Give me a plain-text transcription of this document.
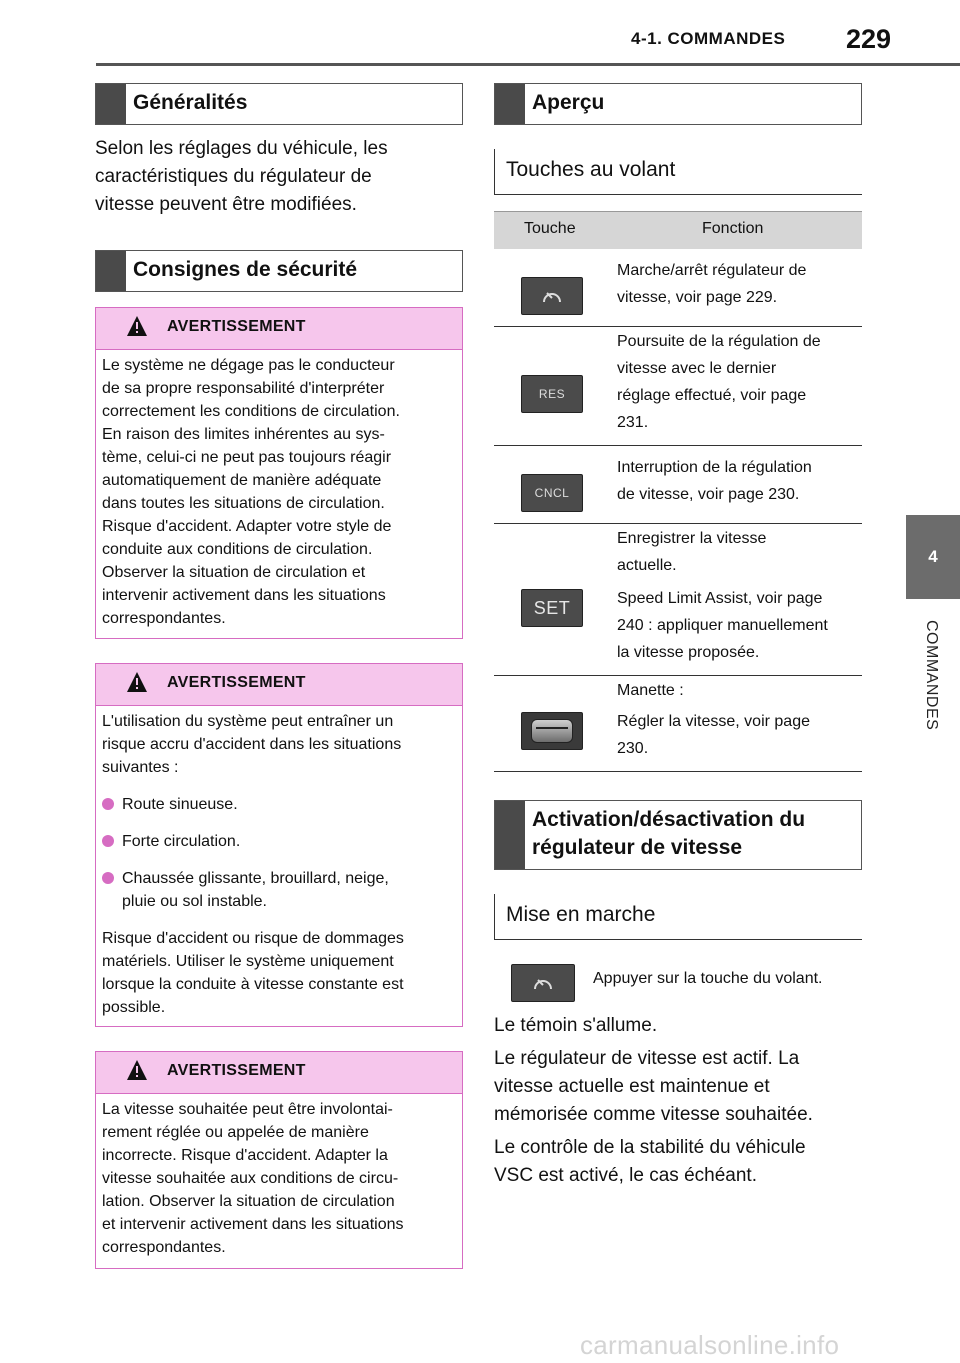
4-1. COMMANDES 229
4
COMMANDES
Généralités
Selon les réglages du véhicule, les
caractéristiques du régulateur de
vitesse peuvent être modifiées.
Consignes de sécurité
AVERTISSEMENT
Le système ne dégage pas le conducteur
de sa propre responsabilité d'interpréter
correctement les conditions de circulation.
En raison des limites inhérentes au sys-
tème, celui-ci ne peut pas toujours réagir
automatiquement de manière adéquate
dans toutes les situations de circulation.
Risque d'accident. Adapter votre style de
conduite aux conditions de circulation.
Observer la situation de circulation et
intervenir activement dans les situations
correspondantes.
AVERTISSEMENT
L'utilisation du système peut entraîner un
risque accru d'accident dans les situations
suivantes :
Route sinueuse.
Forte circulation.
Chaussée glissante, brouillard, neige,
pluie ou sol instable.
Risque d'accident ou risque de dommages
matériels. Utiliser le système uniquement
lorsque la conduite à vitesse constante est
possible.
AVERTISSEMENT
La vitesse souhaitée peut être involontai-
rement réglée ou appelée de manière
incorrecte. Risque d'accident. Adapter la
vitesse souhaitée aux conditions de circu-
lation. Observer la situation de circulation
et intervenir activement dans les situations
correspondantes.
Aperçu
Touches au volant
Touche	Fonction

Marche/arrêt régulateur de

vitesse, voir page 229.

RES

Poursuite de la régulation de

vitesse avec le dernier

réglage effectué, voir page

231.

CNCL

Interruption de la régulation

de vitesse, voir page 230.

SET

Enregistrer la vitesse

actuelle.

Speed Limit Assist, voir page

240 : appliquer manuellement

la vitesse proposée.

Manette :

Régler la vitesse, voir page

230.

Activation/désactivation du
régulateur de vitesse
Mise en marche
Appuyer sur la touche du volant.
Le témoin s'allume.
Le régulateur de vitesse est actif. La
vitesse actuelle est maintenue et
mémorisée comme vitesse souhaitée.
Le contrôle de la stabilité du véhicule
VSC est activé, le cas échéant.
carmanualsonline.info
